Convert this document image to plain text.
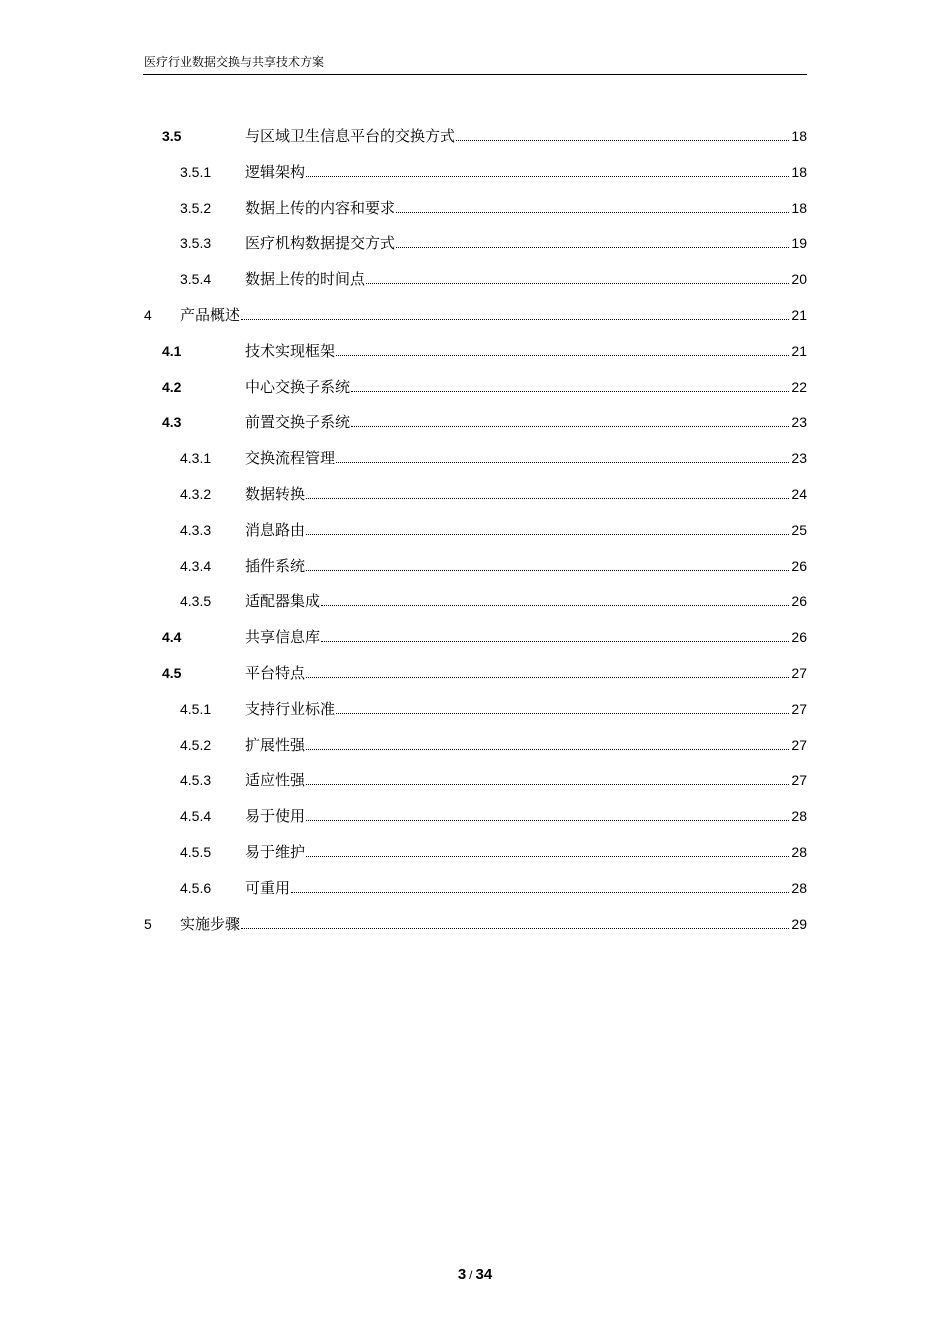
医疗行业数据交换与共享技术方案
3.5	与区域卫生信息平台的交换方式	18
3.5.1 逻辑架构	18
3.5.2 数据上传的内容和要求	18
3.5.3 医疗机构数据提交方式	19
3.5.4 数据上传的时间点	20
4 产品概述	21
4.1	技术实现框架	21
4.2	中心交换子系统	22
4.3	前置交换子系统	23
4.3.1 交换流程管理	23
4.3.2 数据转换	24
4.3.3 消息路由	25
4.3.4 插件系统	26
4.3.5 适配器集成	26
4.4	共享信息库	26
4.5	平台特点	27
4.5.1 支持行业标准	27
4.5.2 扩展性强	27
4.5.3 适应性强	27
4.5.4 易于使用	28
4.5.5 易于维护	28
4.5.6 可重用	28
5 实施步骤	29
3 / 34
